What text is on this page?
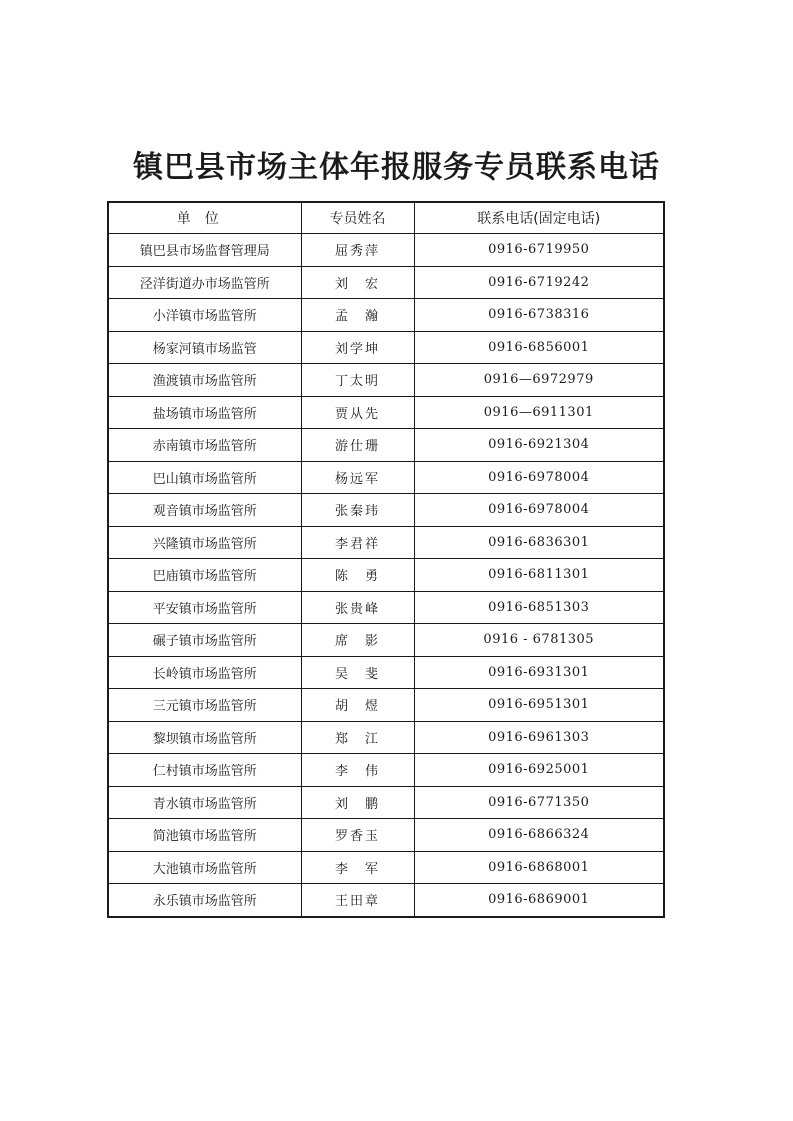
镇巴县市场主体年报服务专员联系电话
单位	专员姓名	联系电话(固定电话)
镇巴县市场监督管理局	屈秀萍	0916-6719950
泾洋街道办市场监管所	刘　宏	0916-6719242
小洋镇市场监管所	孟　瀚	0916-6738316
杨家河镇市场监管	刘学坤	0916-6856001
渔渡镇市场监管所	丁太明	0916—6972979
盐场镇市场监管所	贾从先	0916—6911301
赤南镇市场监管所	游仕珊	0916-6921304
巴山镇市场监管所	杨远军	0916-6978004
观音镇市场监管所	张秦玮	0916-6978004
兴隆镇市场监管所	李君祥	0916-6836301
巴庙镇市场监管所	陈　勇	0916-6811301
平安镇市场监管所	张贵峰	0916-6851303
碾子镇市场监管所	席　影	0916 - 6781305
长岭镇市场监管所	吴　斐	0916-6931301
三元镇市场监管所	胡　煜	0916-6951301
黎坝镇市场监管所	郑　江	0916-6961303
仁村镇市场监管所	李　伟	0916-6925001
青水镇市场监管所	刘　鹏	0916-6771350
简池镇市场监管所	罗香玉	0916-6866324
大池镇市场监管所	李　军	0916-6868001
永乐镇市场监管所	王田章	0916-6869001
